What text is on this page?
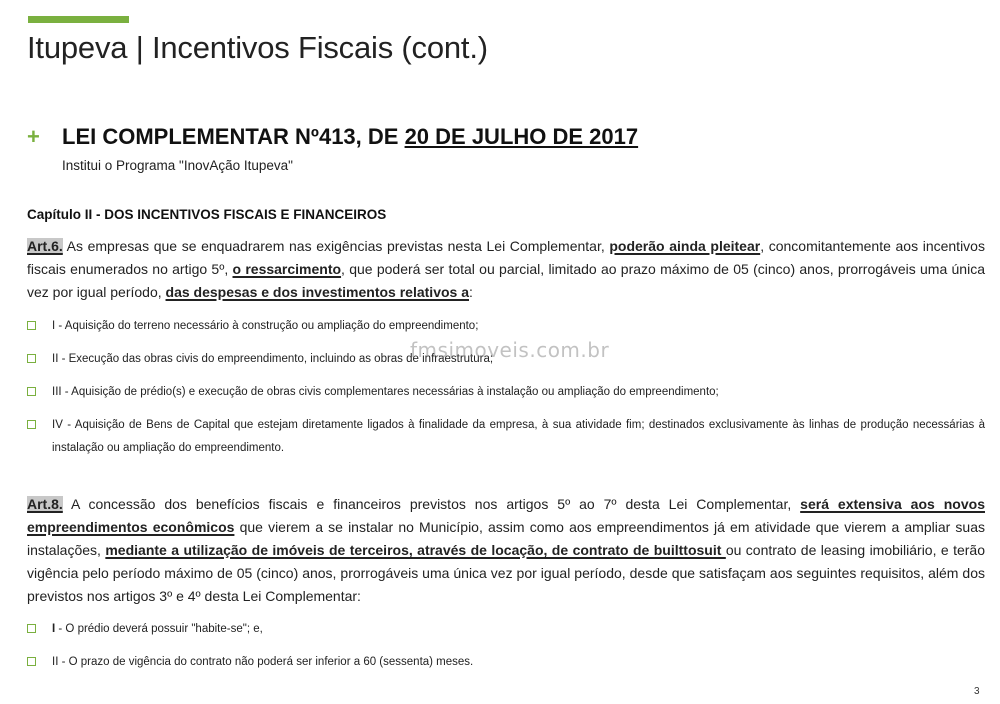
Itupeva | Incentivos Fiscais (cont.)
+ LEI COMPLEMENTAR Nº413, DE 20 DE JULHO DE 2017
Institui o Programa "InovAção Itupeva"
Capítulo II - DOS INCENTIVOS FISCAIS E FINANCEIROS
Art.6. As empresas que se enquadrarem nas exigências previstas nesta Lei Complementar, poderão ainda pleitear, concomitantemente aos incentivos fiscais enumerados no artigo 5º, o ressarcimento, que poderá ser total ou parcial, limitado ao prazo máximo de 05 (cinco) anos, prorrogáveis uma única vez por igual período, das despesas e dos investimentos relativos a:
I - Aquisição do terreno necessário à construção ou ampliação do empreendimento;
II - Execução das obras civis do empreendimento, incluindo as obras de infraestrutura;
III - Aquisição de prédio(s) e execução de obras civis complementares necessárias à instalação ou ampliação do empreendimento;
IV - Aquisição de Bens de Capital que estejam diretamente ligados à finalidade da empresa, à sua atividade fim; destinados exclusivamente às linhas de produção necessárias à instalação ou ampliação do empreendimento.
Art.8. A concessão dos benefícios fiscais e financeiros previstos nos artigos 5º ao 7º desta Lei Complementar, será extensiva aos novos empreendimentos econômicos que vierem a se instalar no Município, assim como aos empreendimentos já em atividade que vierem a ampliar suas instalações, mediante a utilização de imóveis de terceiros, através de locação, de contrato de builttosuit ou contrato de leasing imobiliário, e terão vigência pelo período máximo de 05 (cinco) anos, prorrogáveis uma única vez por igual período, desde que satisfaçam aos seguintes requisitos, além dos previstos nos artigos 3º e 4º desta Lei Complementar:
I - O prédio deverá possuir "habite-se"; e,
II - O prazo de vigência do contrato não poderá ser inferior a 60 (sessenta) meses.
fmsimoveis.com.br
3
